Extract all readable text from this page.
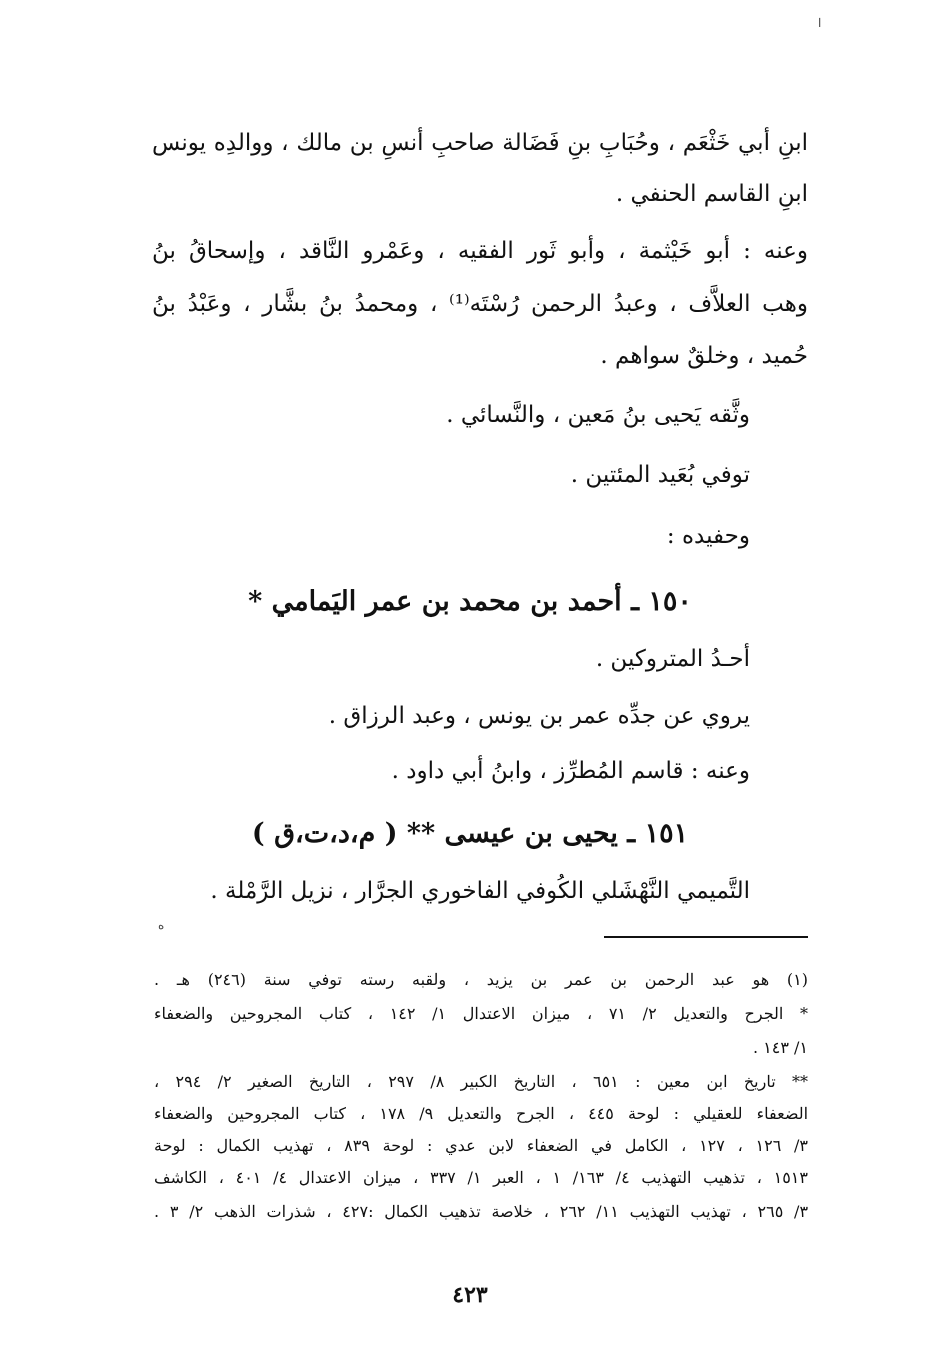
ا
ابنِ أبي خَثْعَم ، وحُبَابِ بنِ فَضَالة صاحبِ أنسِ بن مالك ، ووالدِه يونس
ابنِ القاسم الحنفي .
وعنه : أبو خَيْثمة ، وأبو ثَور الفقيه ، وعَمْرو النَّاقد ، وإسحاقُ بنُ
وهب العلاَّف ، وعبدُ الرحمن رُسْتَه⁽¹⁾ ، ومحمدُ بنُ بشَّار ، وعَبْدُ بنُ
حُميد ، وخلقٌ سواهم .
وثَّقه يَحيى بنُ مَعين ، والنَّسائي .
توفي بُعَيد المئتين .
وحفيده :
١٥٠ ـ أحمد بن محمد بن عمر اليَمامي *
أحـدُ المتروكين .
يروي عن جدِّه عمر بن يونس ، وعبد الرزاق .
وعنه : قاسم المُطرِّز ، وابنُ أبي داود .
١٥١ ـ يحيى بن عيسى ** ( م،د،ت،ق )
التَّميمي النَّهْشَلي الكُوفي الفاخوري الجرَّار ، نزيل الرَّمْلة .
ه
(١) هو عبد الرحمن بن عمر بن يزيد ، ولقبه رسته توفي سنة (٢٤٦) هـ .
* الجرح والتعديل ٢/ ٧١ ، ميزان الاعتدال ١/ ١٤٢ ، كتاب المجروحين والضعفاء
١/ ١٤٣ .
** تاريخ ابن معين : ٦٥١ ، التاريخ الكبير ٨/ ٢٩٧ ، التاريخ الصغير ٢/ ٢٩٤ ،
الضعفاء للعقيلي : لوحة ٤٤٥ ، الجرح والتعديل ٩/ ١٧٨ ، كتاب المجروحين والضعفاء
٣/ ١٢٦ ، ١٢٧ ، الكامل في الضعفاء لابن عدي : لوحة ٨٣٩ ، تهذيب الكمال : لوحة
١٥١٣ ، تذهيب التهذيب ٤/ ١٦٣/ ١ ، العبر ١/ ٣٣٧ ، ميزان الاعتدال ٤/ ٤٠١ ، الكاشف
٣/ ٢٦٥ ، تهذيب التهذيب ١١/ ٢٦٢ ، خلاصة تذهيب الكمال :٤٢٧ ، شذرات الذهب ٢/ ٣ .
٤٢٣
